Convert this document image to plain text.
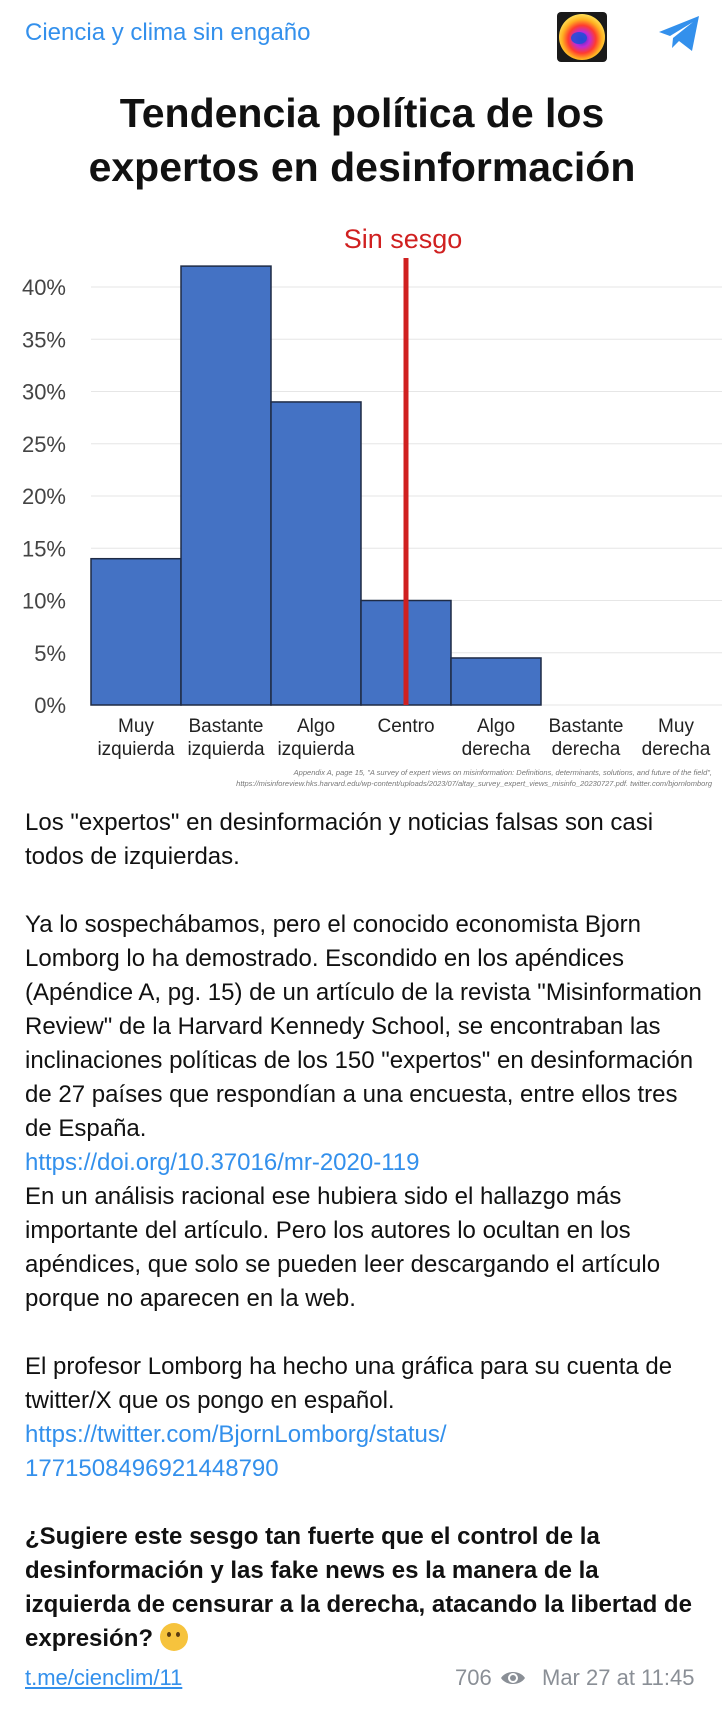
Ciencia y clima sin engaño
0%
5%
10%
15%
20%
25%
30%
35%
40%
Sin sesgo
Muy
izquierda
Bastante
izquierda
Algo
izquierda
Centro Algo
derecha
Bastante
derecha
Muy
derecha
Appendix A, page 15, "A survey of expert views on misinformation: Definitions, determinants, solutions, and future of the field",
https://misinforeview.hks.harvard.edu/wp-content/uploads/2023/07/altay_survey_expert_views_misinfo_20230727.pdf. twitter.com/bjornlomborg
Tendencia política de los
expertos en desinformación

Los "expertos" en desinformación y noticias falsas son casi todos de izquierdas.

Ya lo sospechábamos, pero el conocido economista Bjorn Lomborg lo ha demostrado. Escondido en los apéndices (Apéndice A, pg. 15) de un artículo de la revista "Misinformation Review" de la Harvard Kennedy School, se encontraban las inclinaciones políticas de los 150 "expertos" en desinformación de 27 países que respondían a una encuesta, entre ellos tres de España.

https://doi.org/10.37016/mr-2020-119

En un análisis racional ese hubiera sido el hallazgo más importante del artículo. Pero los autores lo ocultan en los apéndices, que solo se pueden leer descargando el artículo porque no aparecen en la web.

El profesor Lomborg ha hecho una gráfica para su cuenta de twitter/X que os pongo en español.

https://twitter.com/BjornLomborg/status/
1771508496921448790

¿Sugiere este sesgo tan fuerte que el control de la desinformación y las fake news es la manera de la izquierda de censurar a la derecha, atacando la libertad de expresión?

t.me/cienclim/11	706 Mar 27 at 11:45
